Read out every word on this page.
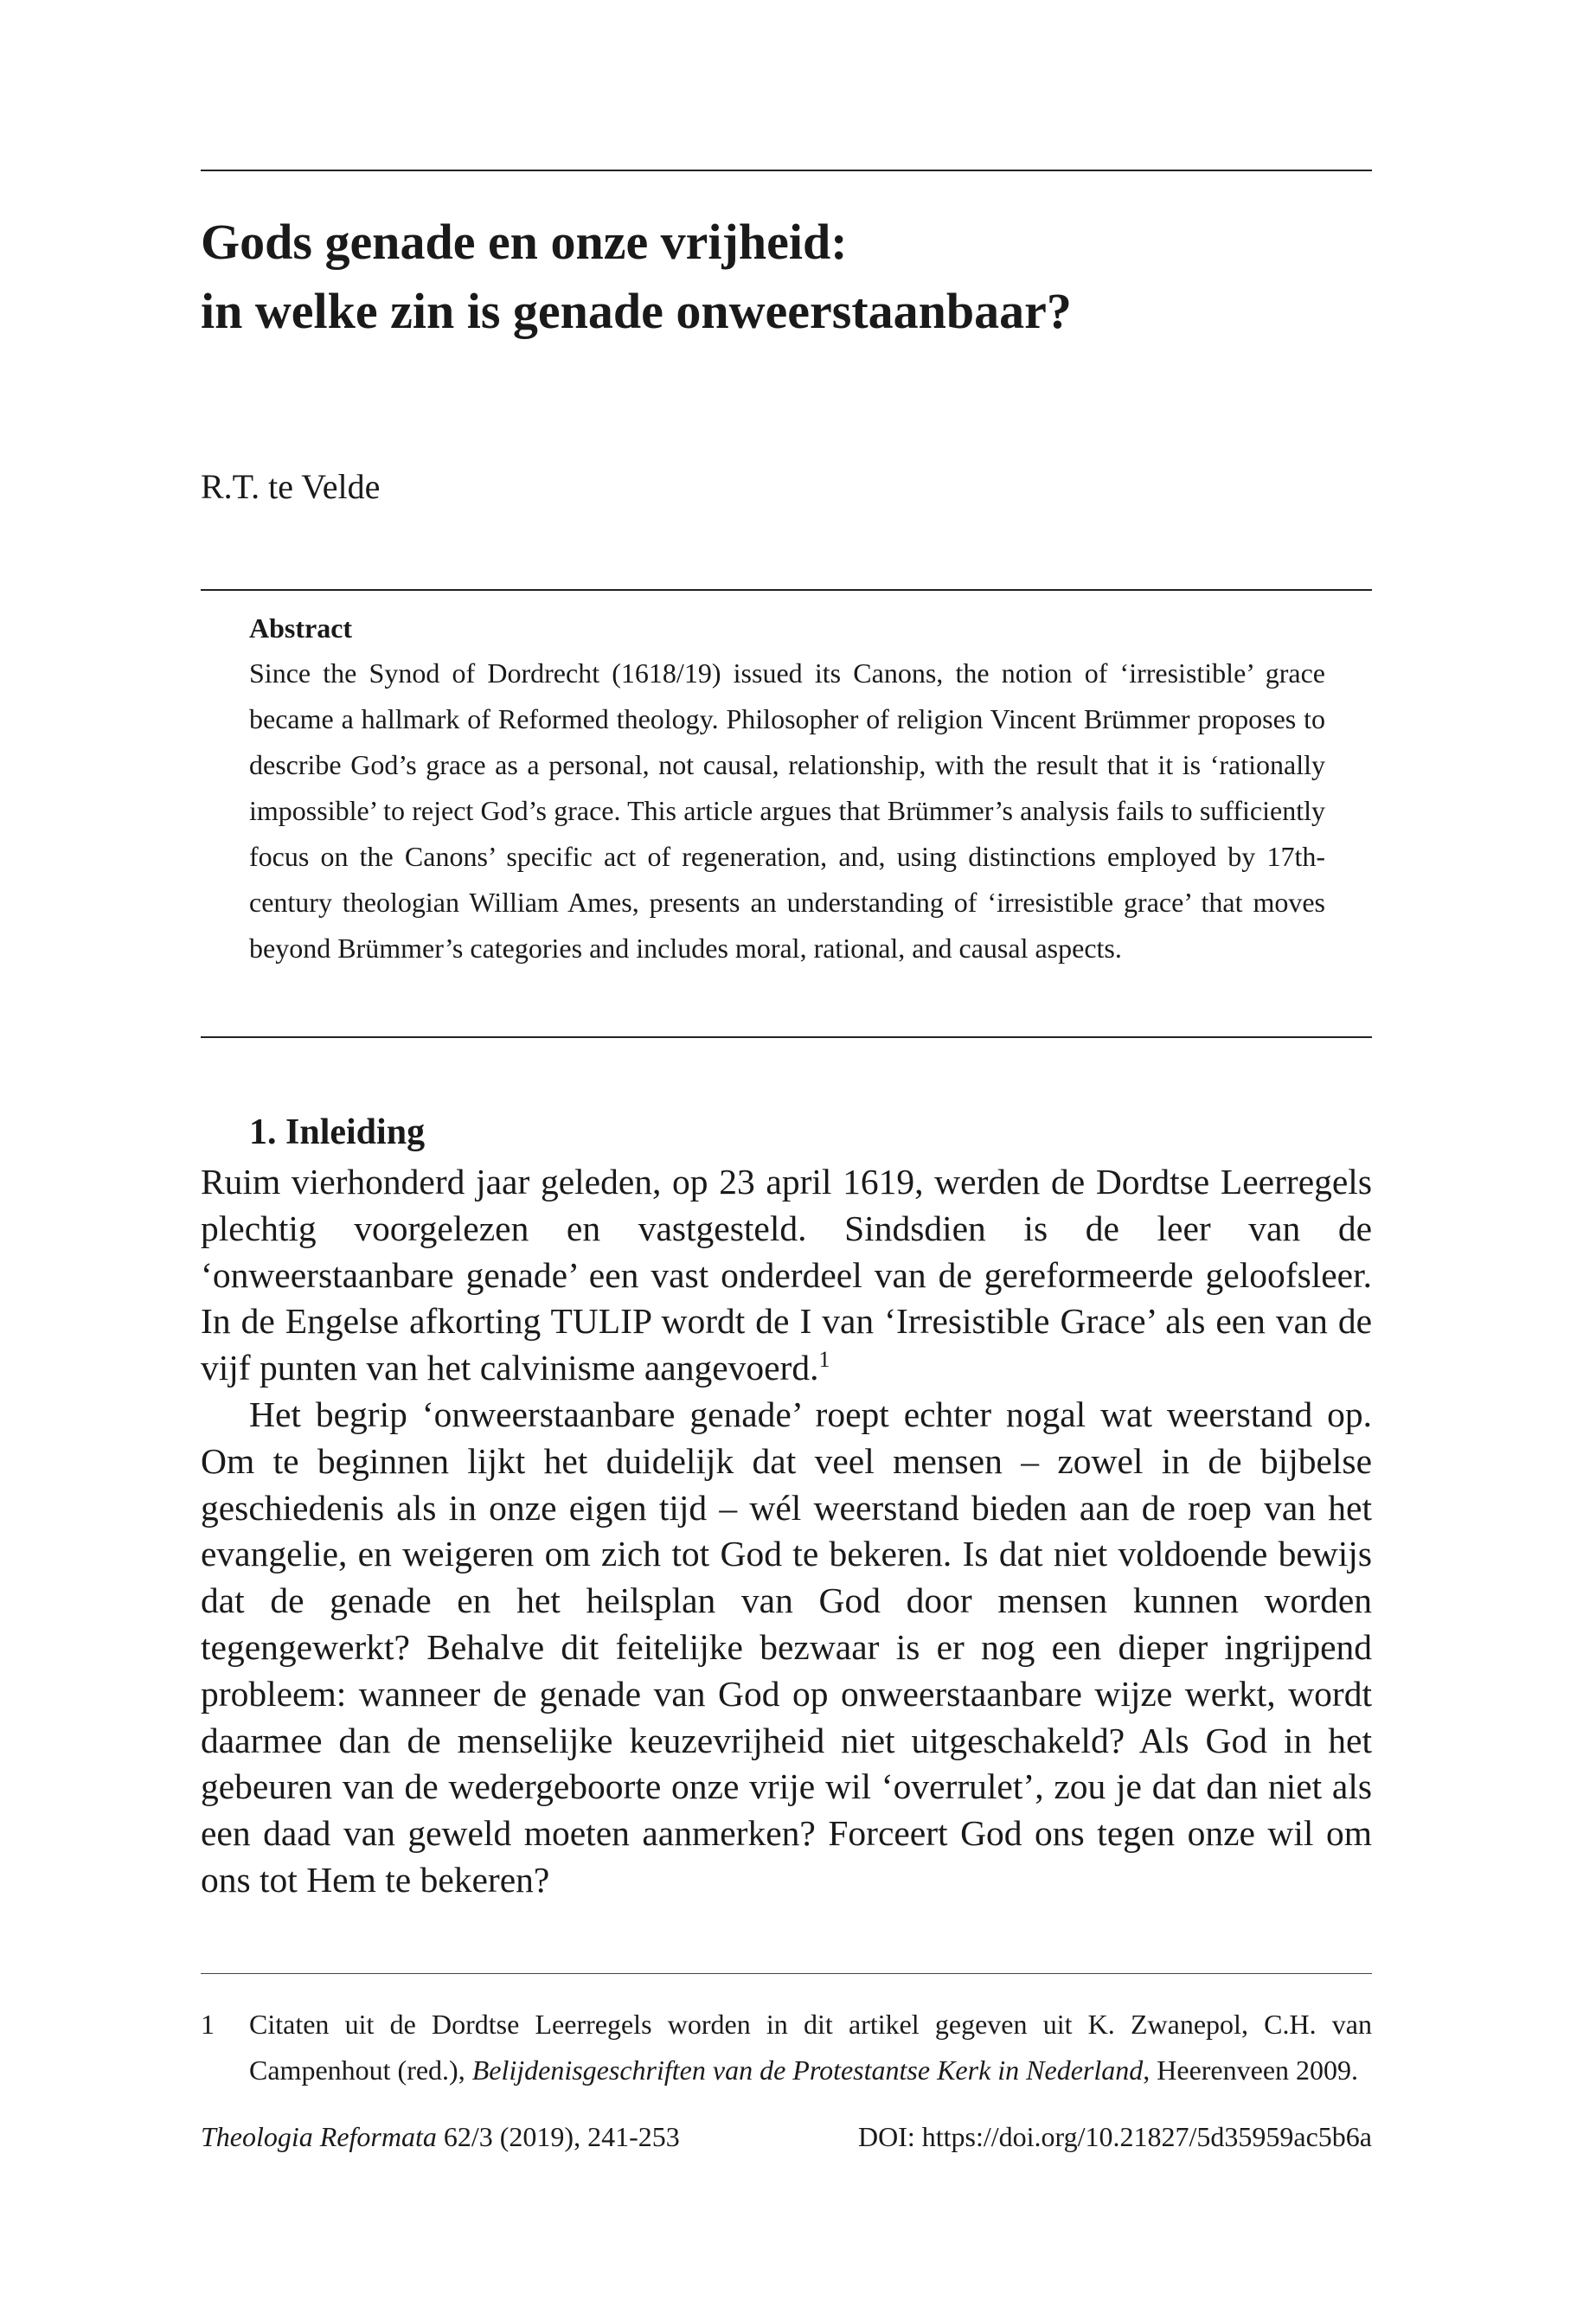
Gods genade en onze vrijheid:
in welke zin is genade onweerstaanbaar?

R.T. te Velde

Abstract

Since the Synod of Dordrecht (1618/19) issued its Canons, the notion of ‘irresistible’ grace became a hallmark of Reformed theology. Philosopher of religion Vincent Brümmer proposes to describe God’s grace as a personal, not causal, relationship, with the result that it is ‘rationally impossible’ to reject God’s grace. This article argues that Brümmer’s analysis fails to sufficiently focus on the Canons’ specific act of regeneration, and, using distinctions employed by 17th-century theologian William Ames, presents an understanding of ‘irresistible grace’ that moves beyond Brümmer’s categories and includes moral, rational, and causal aspects.

1. Inleiding

Ruim vierhonderd jaar geleden, op 23 april 1619, werden de Dordtse Leerregels plechtig voorgelezen en vastgesteld. Sindsdien is de leer van de ‘onweerstaanbare genade’ een vast onderdeel van de gereformeerde geloofsleer. In de Engelse afkorting TULIP wordt de I van ‘Irresistible Grace’ als een van de vijf punten van het calvinisme aangevoerd.$^1$

Het begrip ‘onweerstaanbare genade’ roept echter nogal wat weerstand op. Om te beginnen lijkt het duidelijk dat veel mensen – zowel in de bijbelse geschiedenis als in onze eigen tijd – wél weerstand bieden aan de roep van het evangelie, en weigeren om zich tot God te bekeren. Is dat niet voldoende bewijs dat de genade en het heilsplan van God door mensen kunnen worden tegengewerkt? Behalve dit feitelijke bezwaar is er nog een dieper ingrijpend probleem: wanneer de genade van God op onweerstaanbare wijze werkt, wordt daarmee dan de menselijke keuzevrijheid niet uitgeschakeld? Als God in het gebeuren van de wedergeboorte onze vrije wil ‘overrulet’, zou je dat dan niet als een daad van geweld moeten aanmerken? Forceert God ons tegen onze wil om ons tot Hem te bekeren?

1 Citaten uit de Dordtse Leerregels worden in dit artikel gegeven uit K. Zwanepol, C.H. van Campenhout (red.), Belijdenisgeschriften van de Protestantse Kerk in Nederland, Heerenveen 2009.
Theologia Reformata 62/3 (2019), 241-253	DOI: https://doi.org/10.21827/5d35959ac5b6a
